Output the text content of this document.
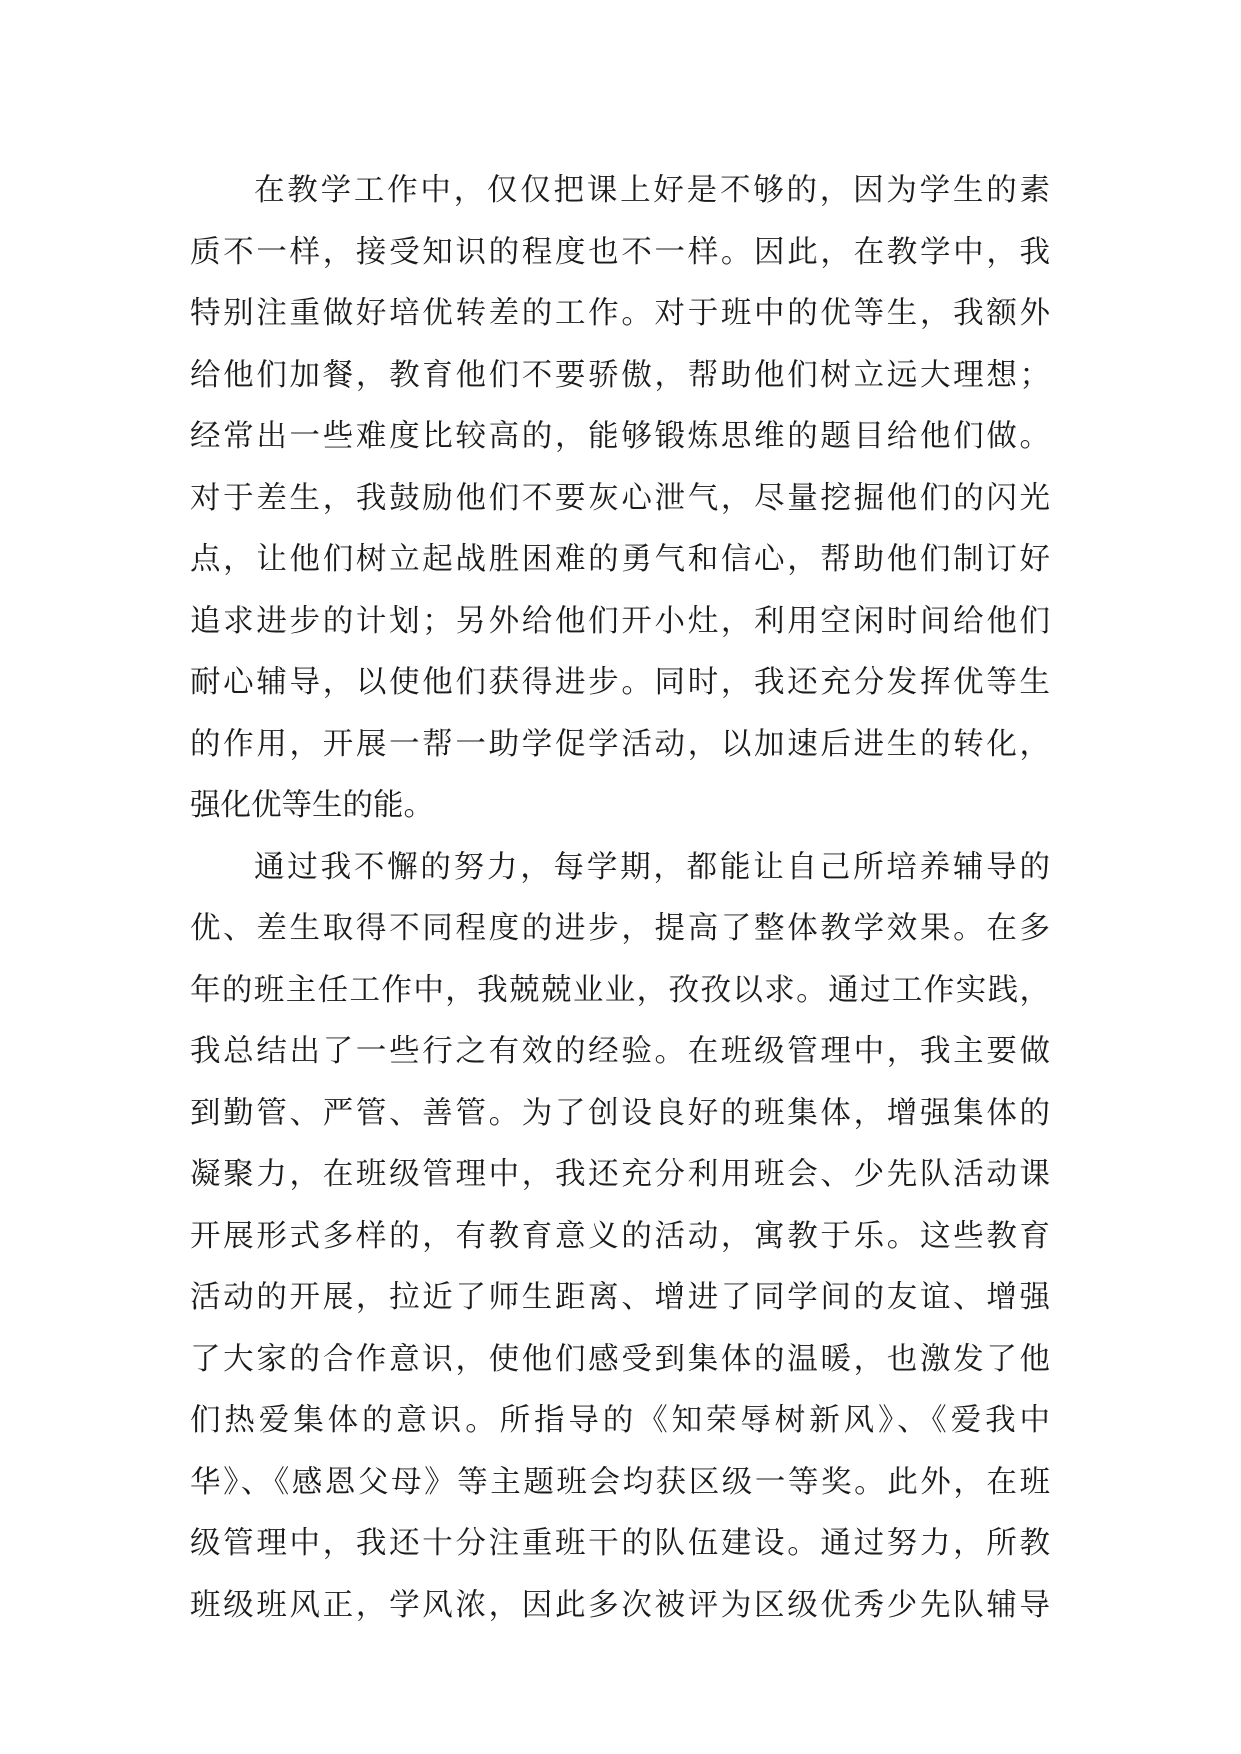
在教学工作中，仅仅把课上好是不够的，因为学生的素
质不一样，接受知识的程度也不一样。因此，在教学中，我
特别注重做好培优转差的工作。对于班中的优等生，我额外
给他们加餐，教育他们不要骄傲，帮助他们树立远大理想；
经常出一些难度比较高的，能够锻炼思维的题目给他们做。
对于差生，我鼓励他们不要灰心泄气，尽量挖掘他们的闪光
点，让他们树立起战胜困难的勇气和信心，帮助他们制订好
追求进步的计划；另外给他们开小灶，利用空闲时间给他们
耐心辅导，以使他们获得进步。同时，我还充分发挥优等生
的作用，开展一帮一助学促学活动，以加速后进生的转化，
强化优等生的能。
通过我不懈的努力，每学期，都能让自己所培养辅导的
优、差生取得不同程度的进步，提高了整体教学效果。在多
年的班主任工作中，我兢兢业业，孜孜以求。通过工作实践，
我总结出了一些行之有效的经验。在班级管理中，我主要做
到勤管、严管、善管。为了创设良好的班集体，增强集体的
凝聚力，在班级管理中，我还充分利用班会、少先队活动课
开展形式多样的，有教育意义的活动，寓教于乐。这些教育
活动的开展，拉近了师生距离、增进了同学间的友谊、增强
了大家的合作意识，使他们感受到集体的温暖，也激发了他
们热爱集体的意识。所指导的《知荣辱树新风》、《爱我中
华》、《感恩父母》等主题班会均获区级一等奖。此外，在班
级管理中，我还十分注重班干的队伍建设。通过努力，所教
班级班风正，学风浓，因此多次被评为区级优秀少先队辅导
